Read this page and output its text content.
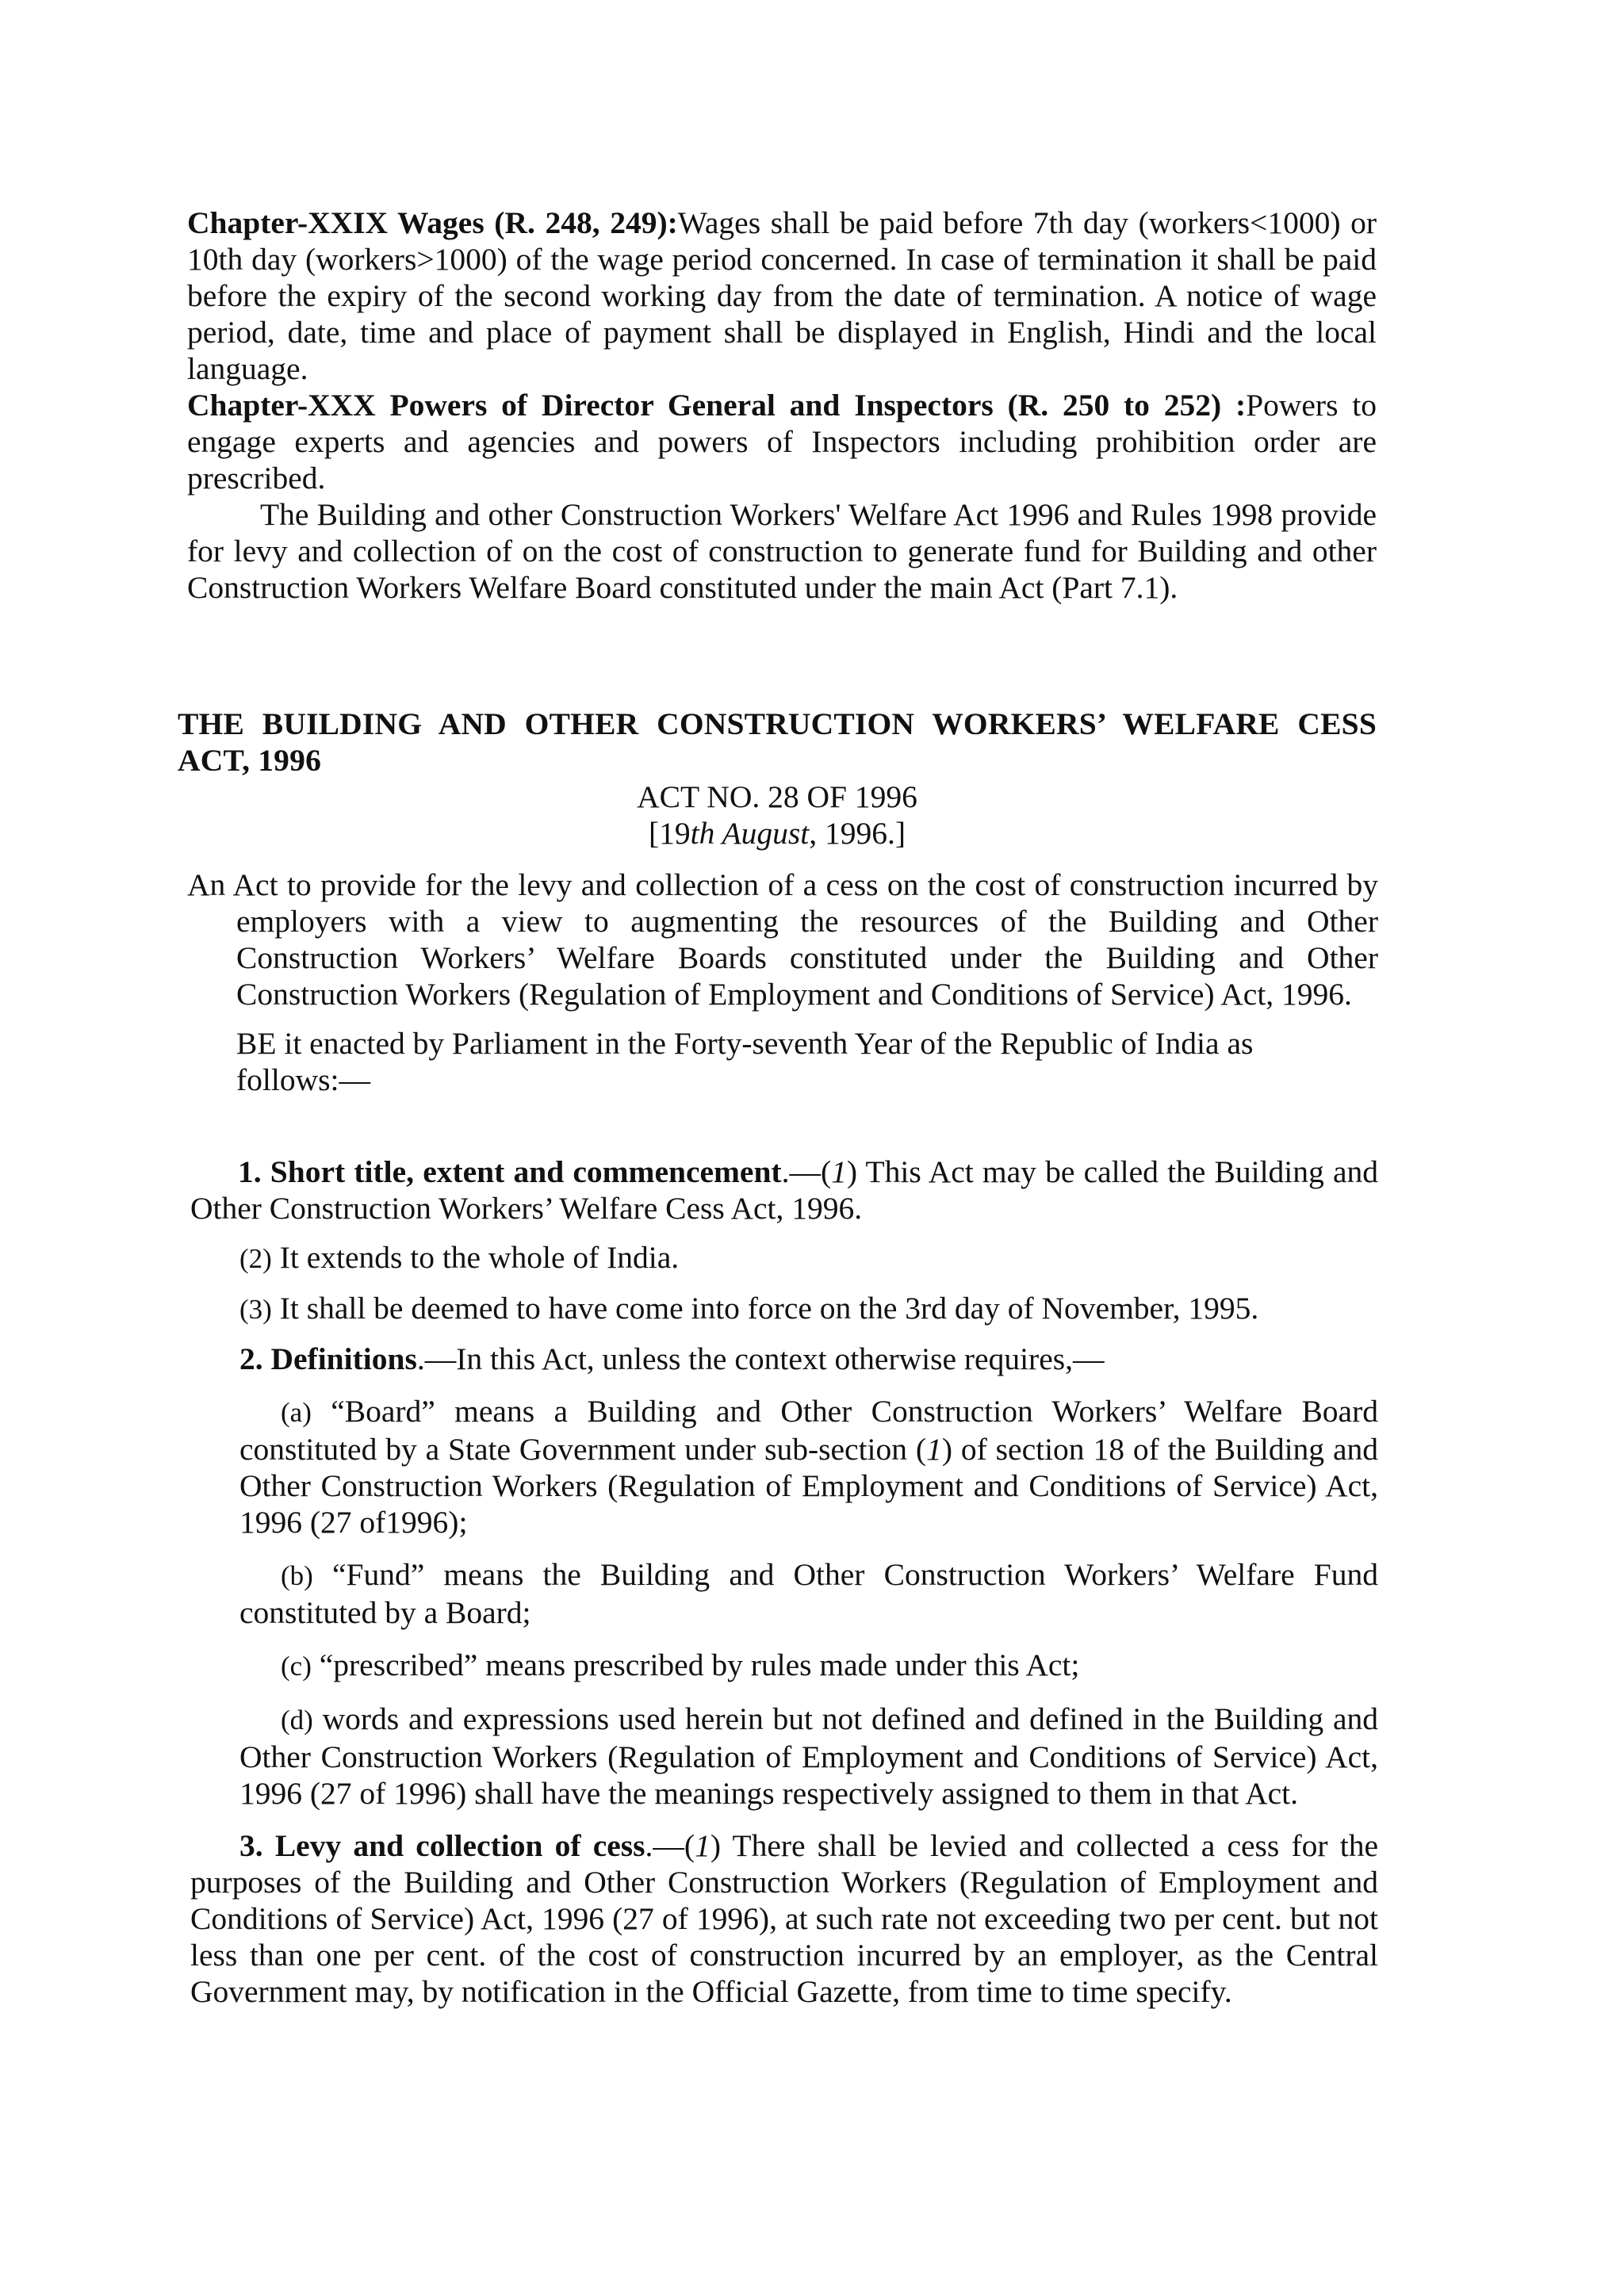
Chapter-XXIX Wages (R. 248, 249):Wages shall be paid before 7th day (workers<1000) or 10th day (workers>1000) of the wage period concerned. In case of termination it shall be paid before the expiry of the second working day from the date of termination. A notice of wage period, date, time and place of payment shall be displayed in English, Hindi and the local language.

Chapter-XXX Powers of Director General and Inspectors (R. 250 to 252) :Powers to engage experts and agencies and powers of Inspectors including prohibition order are prescribed.

The Building and other Construction Workers' Welfare Act 1996 and Rules 1998 provide for levy and collection of on the cost of construction to generate fund for Building and other Construction Workers Welfare Board constituted under the main Act (Part 7.1).

THE BUILDING AND OTHER CONSTRUCTION WORKERS’ WELFARE CESS ACT, 1996

ACT NO. 28 OF 1996

[19th August, 1996.]

An Act to provide for the levy and collection of a cess on the cost of construction incurred by employers with a view to augmenting the resources of the Building and Other Construction Workers’ Welfare Boards constituted under the Building and Other Construction Workers (Regulation of Employment and Conditions of Service) Act, 1996.

BE it enacted by Parliament in the Forty-seventh Year of the Republic of India as follows:—

1. Short title, extent and commencement.—(1) This Act may be called the Building and Other Construction Workers’ Welfare Cess Act, 1996.

(2) It extends to the whole of India.

(3) It shall be deemed to have come into force on the 3rd day of November, 1995.

2. Definitions.—In this Act, unless the context otherwise requires,—

(a) “Board” means a Building and Other Construction Workers’ Welfare Board constituted by a State Government under sub-section (1) of section 18 of the Building and Other Construction Workers (Regulation of Employment and Conditions of Service) Act, 1996 (27 of1996);

(b) “Fund” means the Building and Other Construction Workers’ Welfare Fund constituted by a Board;

(c) “prescribed” means prescribed by rules made under this Act;

(d) words and expressions used herein but not defined and defined in the Building and Other Construction Workers (Regulation of Employment and Conditions of Service) Act, 1996 (27 of 1996) shall have the meanings respectively assigned to them in that Act.

3. Levy and collection of cess.—(1) There shall be levied and collected a cess for the purposes of the Building and Other Construction Workers (Regulation of Employment and Conditions of Service) Act, 1996 (27 of 1996), at such rate not exceeding two per cent. but not less than one per cent. of the cost of construction incurred by an employer, as the Central Government may, by notification in the Official Gazette, from time to time specify.
